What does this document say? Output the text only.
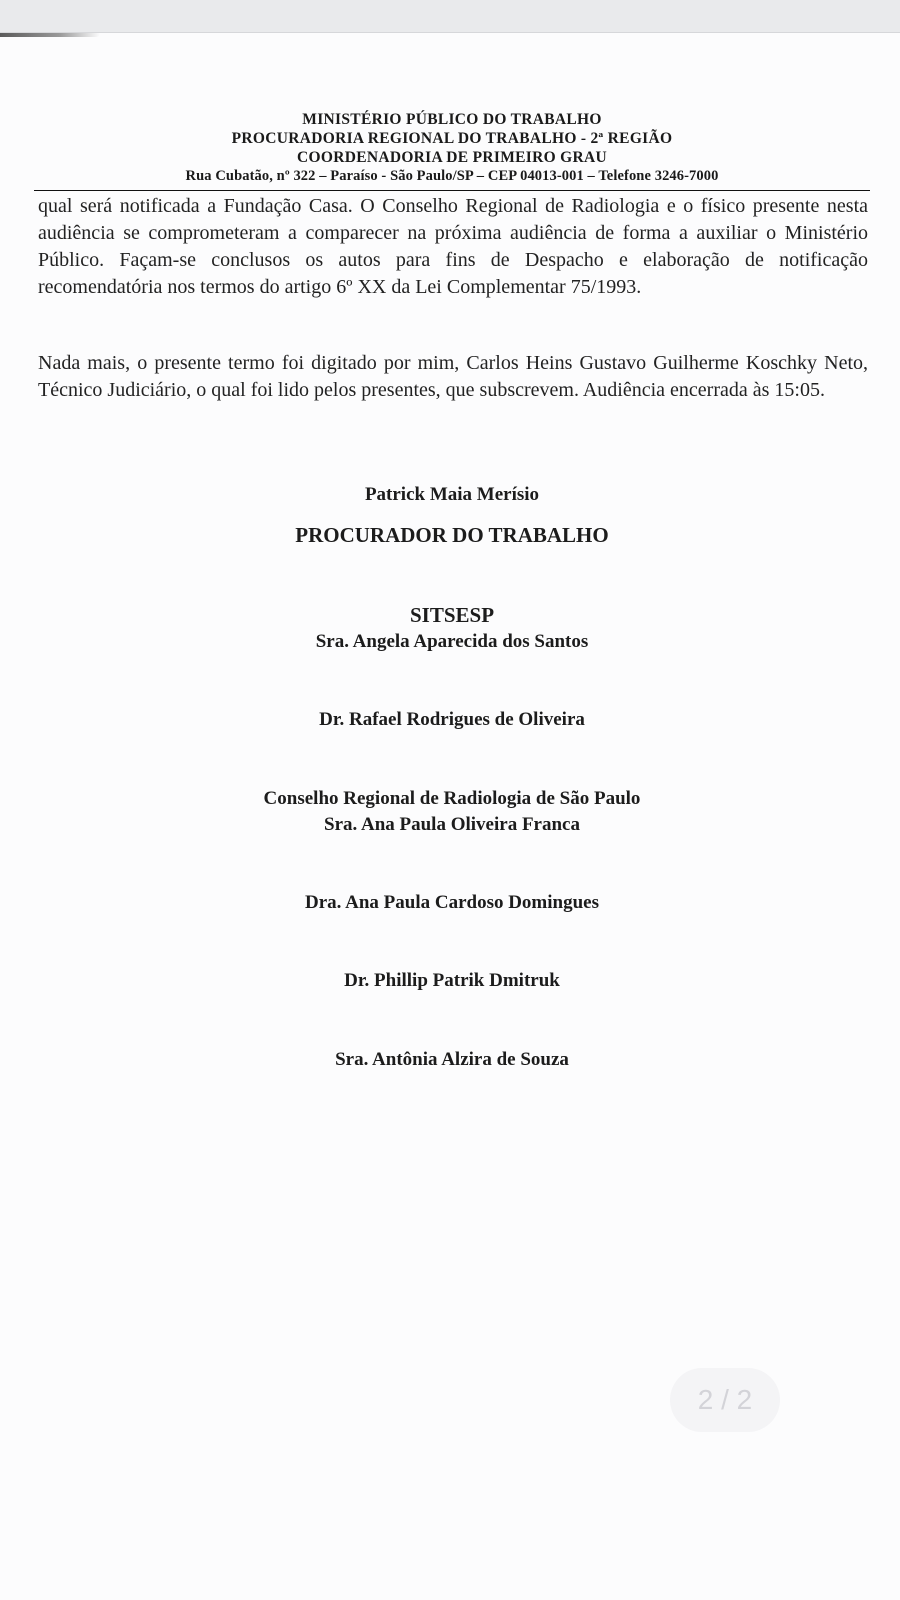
MINISTÉRIO PÚBLICO DO TRABALHO
PROCURADORIA REGIONAL DO TRABALHO - 2ª REGIÃO
COORDENADORIA DE PRIMEIRO GRAU
Rua Cubatão, nº 322 – Paraíso - São Paulo/SP – CEP 04013-001 – Telefone 3246-7000
qual será notificada a Fundação Casa. O Conselho Regional de Radiologia e o físico presente nesta audiência se comprometeram a comparecer na próxima audiência de forma a auxiliar o Ministério Público. Façam-se conclusos os autos para fins de Despacho e elaboração de notificação recomendatória nos termos do artigo 6º XX da Lei Complementar 75/1993.
Nada mais, o presente termo foi digitado por mim, Carlos Heins Gustavo Guilherme Koschky Neto, Técnico Judiciário, o qual foi lido pelos presentes, que subscrevem. Audiência encerrada às 15:05.
Patrick Maia Merísio
PROCURADOR DO TRABALHO
SITSESP
Sra. Angela Aparecida dos Santos
Dr. Rafael Rodrigues de Oliveira
Conselho Regional de Radiologia de São Paulo
Sra. Ana Paula Oliveira Franca
Dra. Ana Paula Cardoso Domingues
Dr. Phillip Patrik Dmitruk
Sra. Antônia Alzira de Souza
2 / 2
